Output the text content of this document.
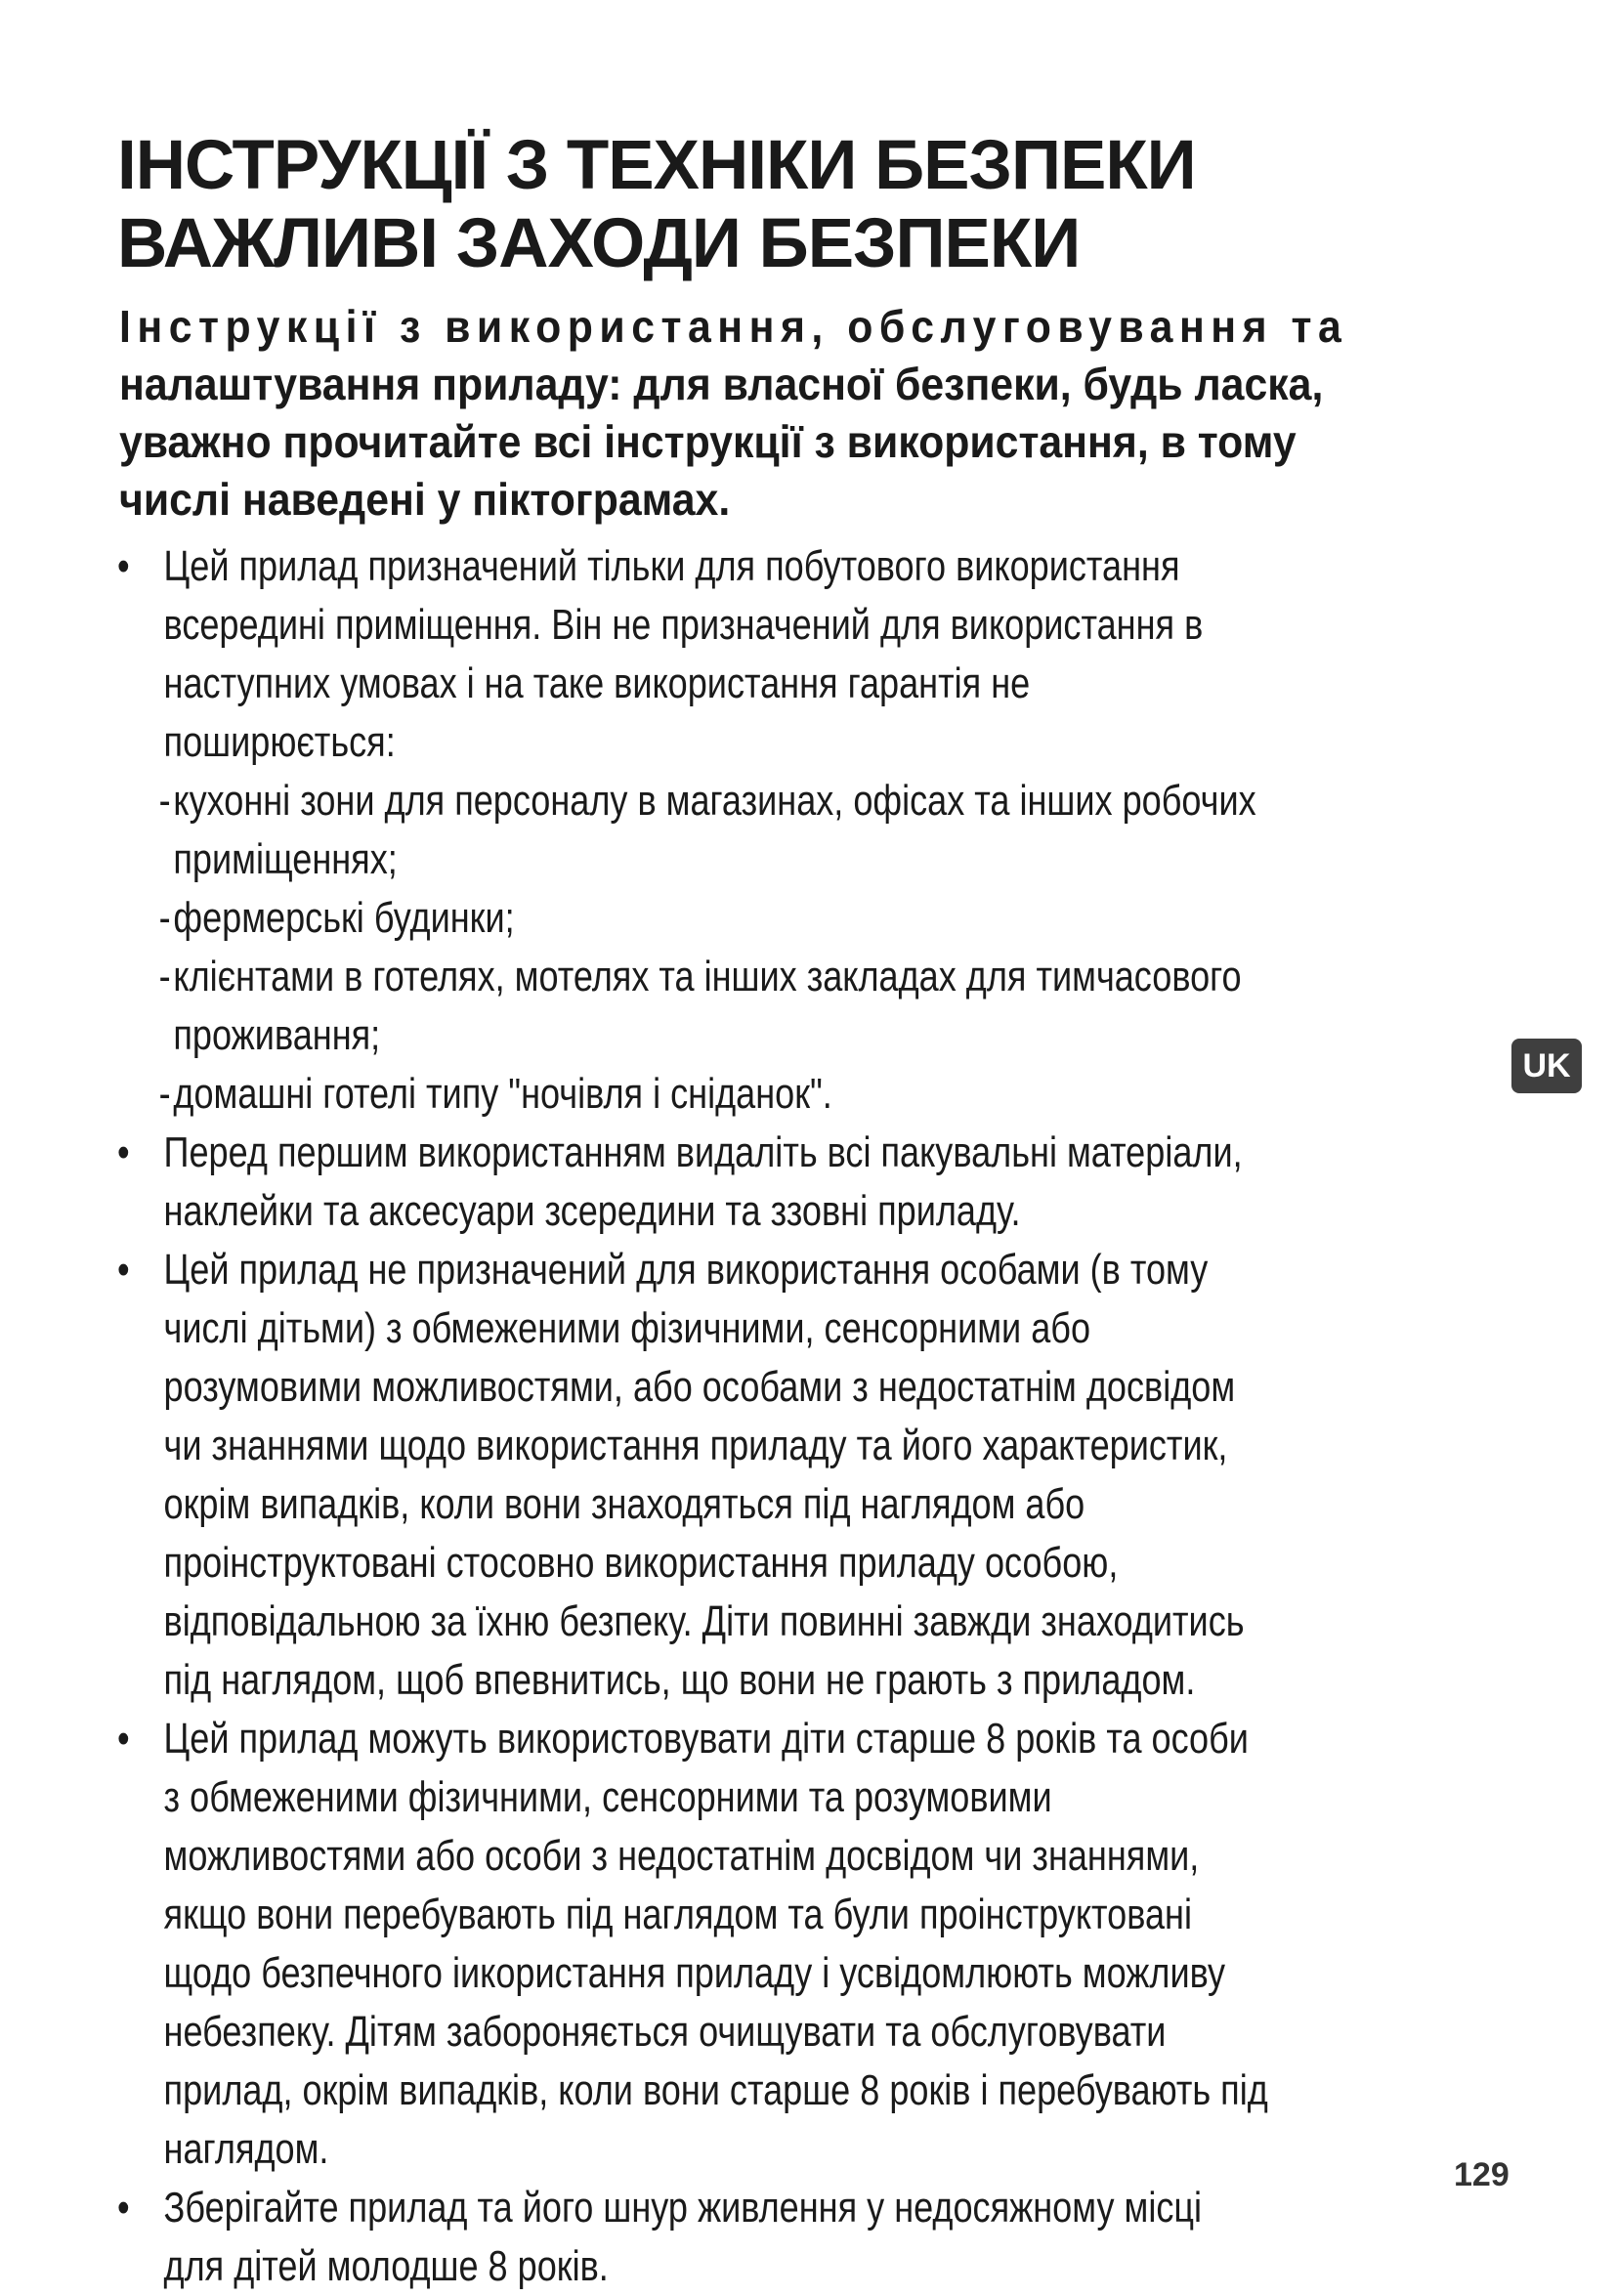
ІНСТРУКЦІЇ З ТЕХНІКИ БЕЗПЕКИ
ВАЖЛИВІ ЗАХОДИ БЕЗПЕКИ
Інструкції з використання, обслуговування та
налаштування приладу: для власної безпеки, будь ласка,
уважно прочитайте всі інструкції з використання, в тому
числі наведені у піктограмах.
• Цей прилад призначений тільки для побутового використання всередині приміщення. Він не призначений для використання в наступних умовах і на таке використання гарантія не поширюється:
- кухонні зони для персоналу в магазинах, офісах та інших робочих приміщеннях;
- фермерські будинки;
- клієнтами в готелях, мотелях та інших закладах для тимчасового проживання;
- домашні готелі типу "ночівля і сніданок".
• Перед першим використанням видаліть всі пакувальні матеріали, наклейки та аксесуари зсередини та ззовні приладу.
• Цей прилад не призначений для використання особами (в тому числі дітьми) з обмеженими фізичними, сенсорними або розумовими можливостями, або особами з недостатнім досвідом чи знаннями щодо використання приладу та його характеристик, окрім випадків, коли вони знаходяться під наглядом або проінструктовані стосовно використання приладу особою, відповідальною за їхню безпеку. Діти повинні завжди знаходитись під наглядом, щоб впевнитись, що вони не грають з приладом.
• Цей прилад можуть використовувати діти старше 8 років та особи з обмеженими фізичними, сенсорними та розумовими можливостями або особи з недостатнім досвідом чи знаннями, якщо вони перебувають під наглядом та були проінструктовані щодо безпечного іикористання приладу і усвідомлюють можливу небезпеку. Дітям забороняється очищувати та обслуговувати прилад, окрім випадків, коли вони старше 8 років і перебувають під наглядом.
• Зберігайте прилад та його шнур живлення у недосяжному місці для дітей молодше 8 років.
UK
129
